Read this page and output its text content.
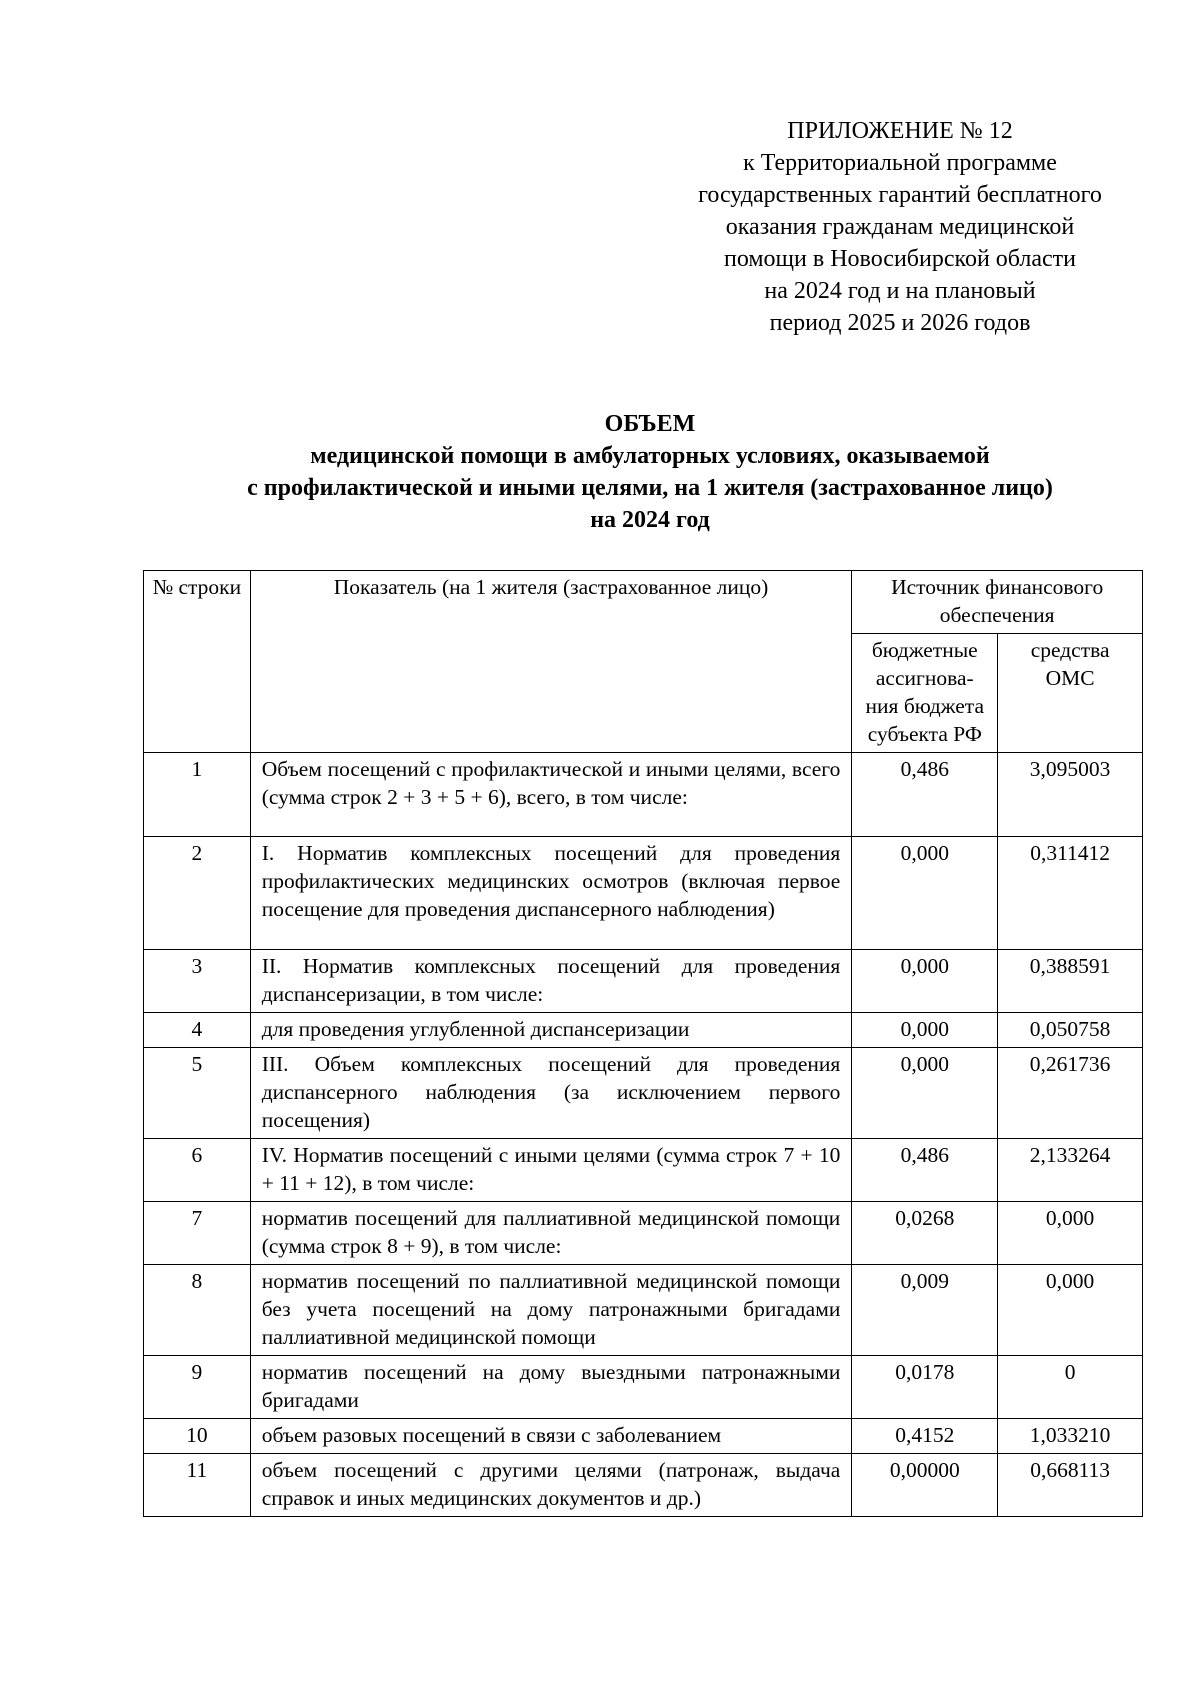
ПРИЛОЖЕНИЕ № 12
к Территориальной программе
государственных гарантий бесплатного
оказания гражданам медицинской
помощи в Новосибирской области
на 2024 год и на плановый
период 2025 и 2026 годов
ОБЪЕМ
медицинской помощи в амбулаторных условиях, оказываемой
с профилактической и иными целями, на 1 жителя (застрахованное лицо)
на 2024 год
№ строки	Показатель (на 1 жителя (застрахованное лицо)	Источник финансового обеспечения	
		бюджетные ассигнова-ния бюджета субъекта РФ	средства ОМС
1	Объем посещений с профилактической и иными целями, всего (сумма строк 2 + 3 + 5 + 6), всего, в том числе:	0,486	3,095003
2	I. Норматив комплексных посещений для проведения профилактических медицинских осмотров (включая первое посещение для проведения диспансерного наблюдения)	0,000	0,311412
3	II. Норматив комплексных посещений для проведения диспансеризации, в том числе:	0,000	0,388591
4	для проведения углубленной диспансеризации	0,000	0,050758
5	III. Объем комплексных посещений для проведения диспансерного наблюдения (за исключением первого посещения)	0,000	0,261736
6	IV. Норматив посещений с иными целями (сумма строк 7 + 10 + 11 + 12), в том числе:	0,486	2,133264
7	норматив посещений для паллиативной медицинской помощи (сумма строк 8 + 9), в том числе:	0,0268	0,000
8	норматив посещений по паллиативной медицинской помощи без учета посещений на дому патронажными бригадами паллиативной медицинской помощи	0,009	0,000
9	норматив посещений на дому выездными патронажными бригадами	0,0178	0
10	объем разовых посещений в связи с заболеванием	0,4152	1,033210
11	объем посещений с другими целями (патронаж, выдача справок и иных медицинских документов и др.)	0,00000	0,668113
